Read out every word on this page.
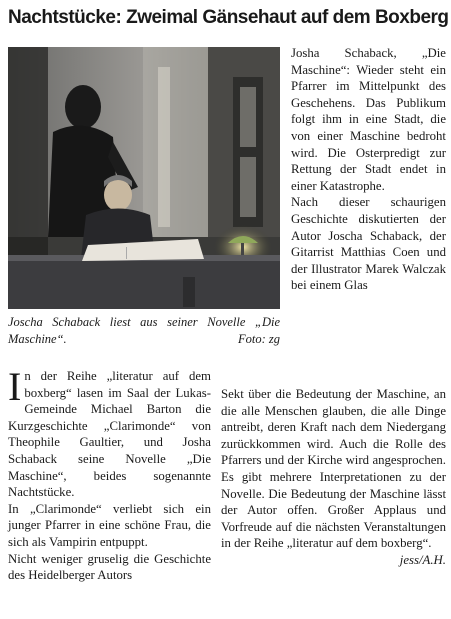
Nachtstücke: Zweimal Gänsehaut auf dem Boxberg
Joscha Schaback liest aus seiner Novelle „Die Maschine“.	Foto: zg

Josha Schaback, „Die Maschine“: Wieder steht ein Pfarrer im Mittelpunkt des Geschehens. Das Publikum folgt ihm in eine Stadt, die von einer Maschine bedroht wird. Die Osterpredigt zur Rettung der Stadt endet in einer Katastrophe.

Nach dieser schaurigen Geschichte diskutierten der Autor Joscha Schaback, der Gitarrist Matthias Coen und der Illustrator Marek Walczak bei einem Glas

In der Reihe „literatur auf dem boxberg“ lasen im Saal der Lukas-Gemeinde Michael Barton die Kurzgeschichte „Clarimonde“ von Theophile Gaultier, und Josha Schaback seine Novelle „Die Maschine“, beides sogenannte Nachtstücke.

In „Clarimonde“ verliebt sich ein junger Pfarrer in eine schöne Frau, die sich als Vampirin entpuppt.

Nicht weniger gruselig die Geschichte des Heidelberger Autors

Sekt über die Bedeutung der Maschine, an die alle Menschen glauben, die alle Dinge antreibt, deren Kraft nach dem Niedergang zurückkommen wird. Auch die Rolle des Pfarrers und der Kirche wird angesprochen. Es gibt mehrere Interpretationen zu der Novelle. Die Bedeutung der Maschine lässt der Autor offen. Großer Applaus und Vorfreude auf die nächsten Veranstaltungen in der Reihe „literatur auf dem boxberg“.
jess/A.H.
